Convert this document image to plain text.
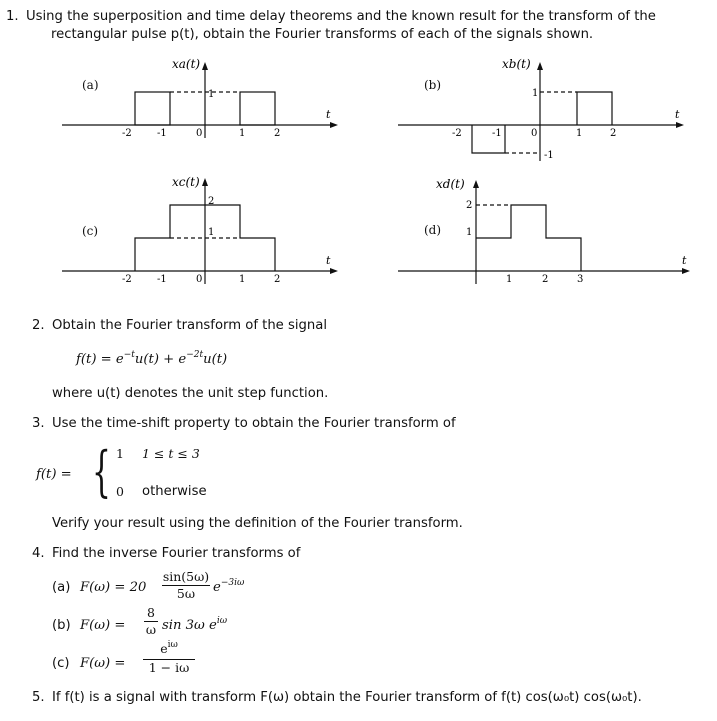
1. Using the superposition and time delay theorems and the known result for the transform of the
rectangular pulse p(t), obtain the Fourier transforms of each of the signals shown.
-2	-1	0	1	2
1
xa(t)
t
(a)
-2	-1	0	1	2
1
-1
xb(t)
t
(b)
-2	-1	0	1	2
1
2
xc(t)
t
(c)
1	2	3
1
2
xd(t)
t
(d)
2. Obtain the Fourier transform of the signal
$f(t) = e^{-t}u(t) + e^{-2t}u(t)$
where u(t) denotes the unit step function.
3. Use the time-shift property to obtain the Fourier transform of
f(t) = { 1 1 ≤ t ≤ 3
0 otherwise
Verify your result using the definition of the Fourier transform.
4. Find the inverse Fourier transforms of
(a) F(ω) = 20
sin(5ω)
5ω	$e^{-3i\omega}$
(b) F(ω) =
8
ω sin 3ω $e^{i\omega}$
(c) F(ω) =
$e^{i\omega}$
1 − iω
5. If f(t) is a signal with transform F(ω) obtain the Fourier transform of f(t) cos(ω₀t) cos(ω₀t).
